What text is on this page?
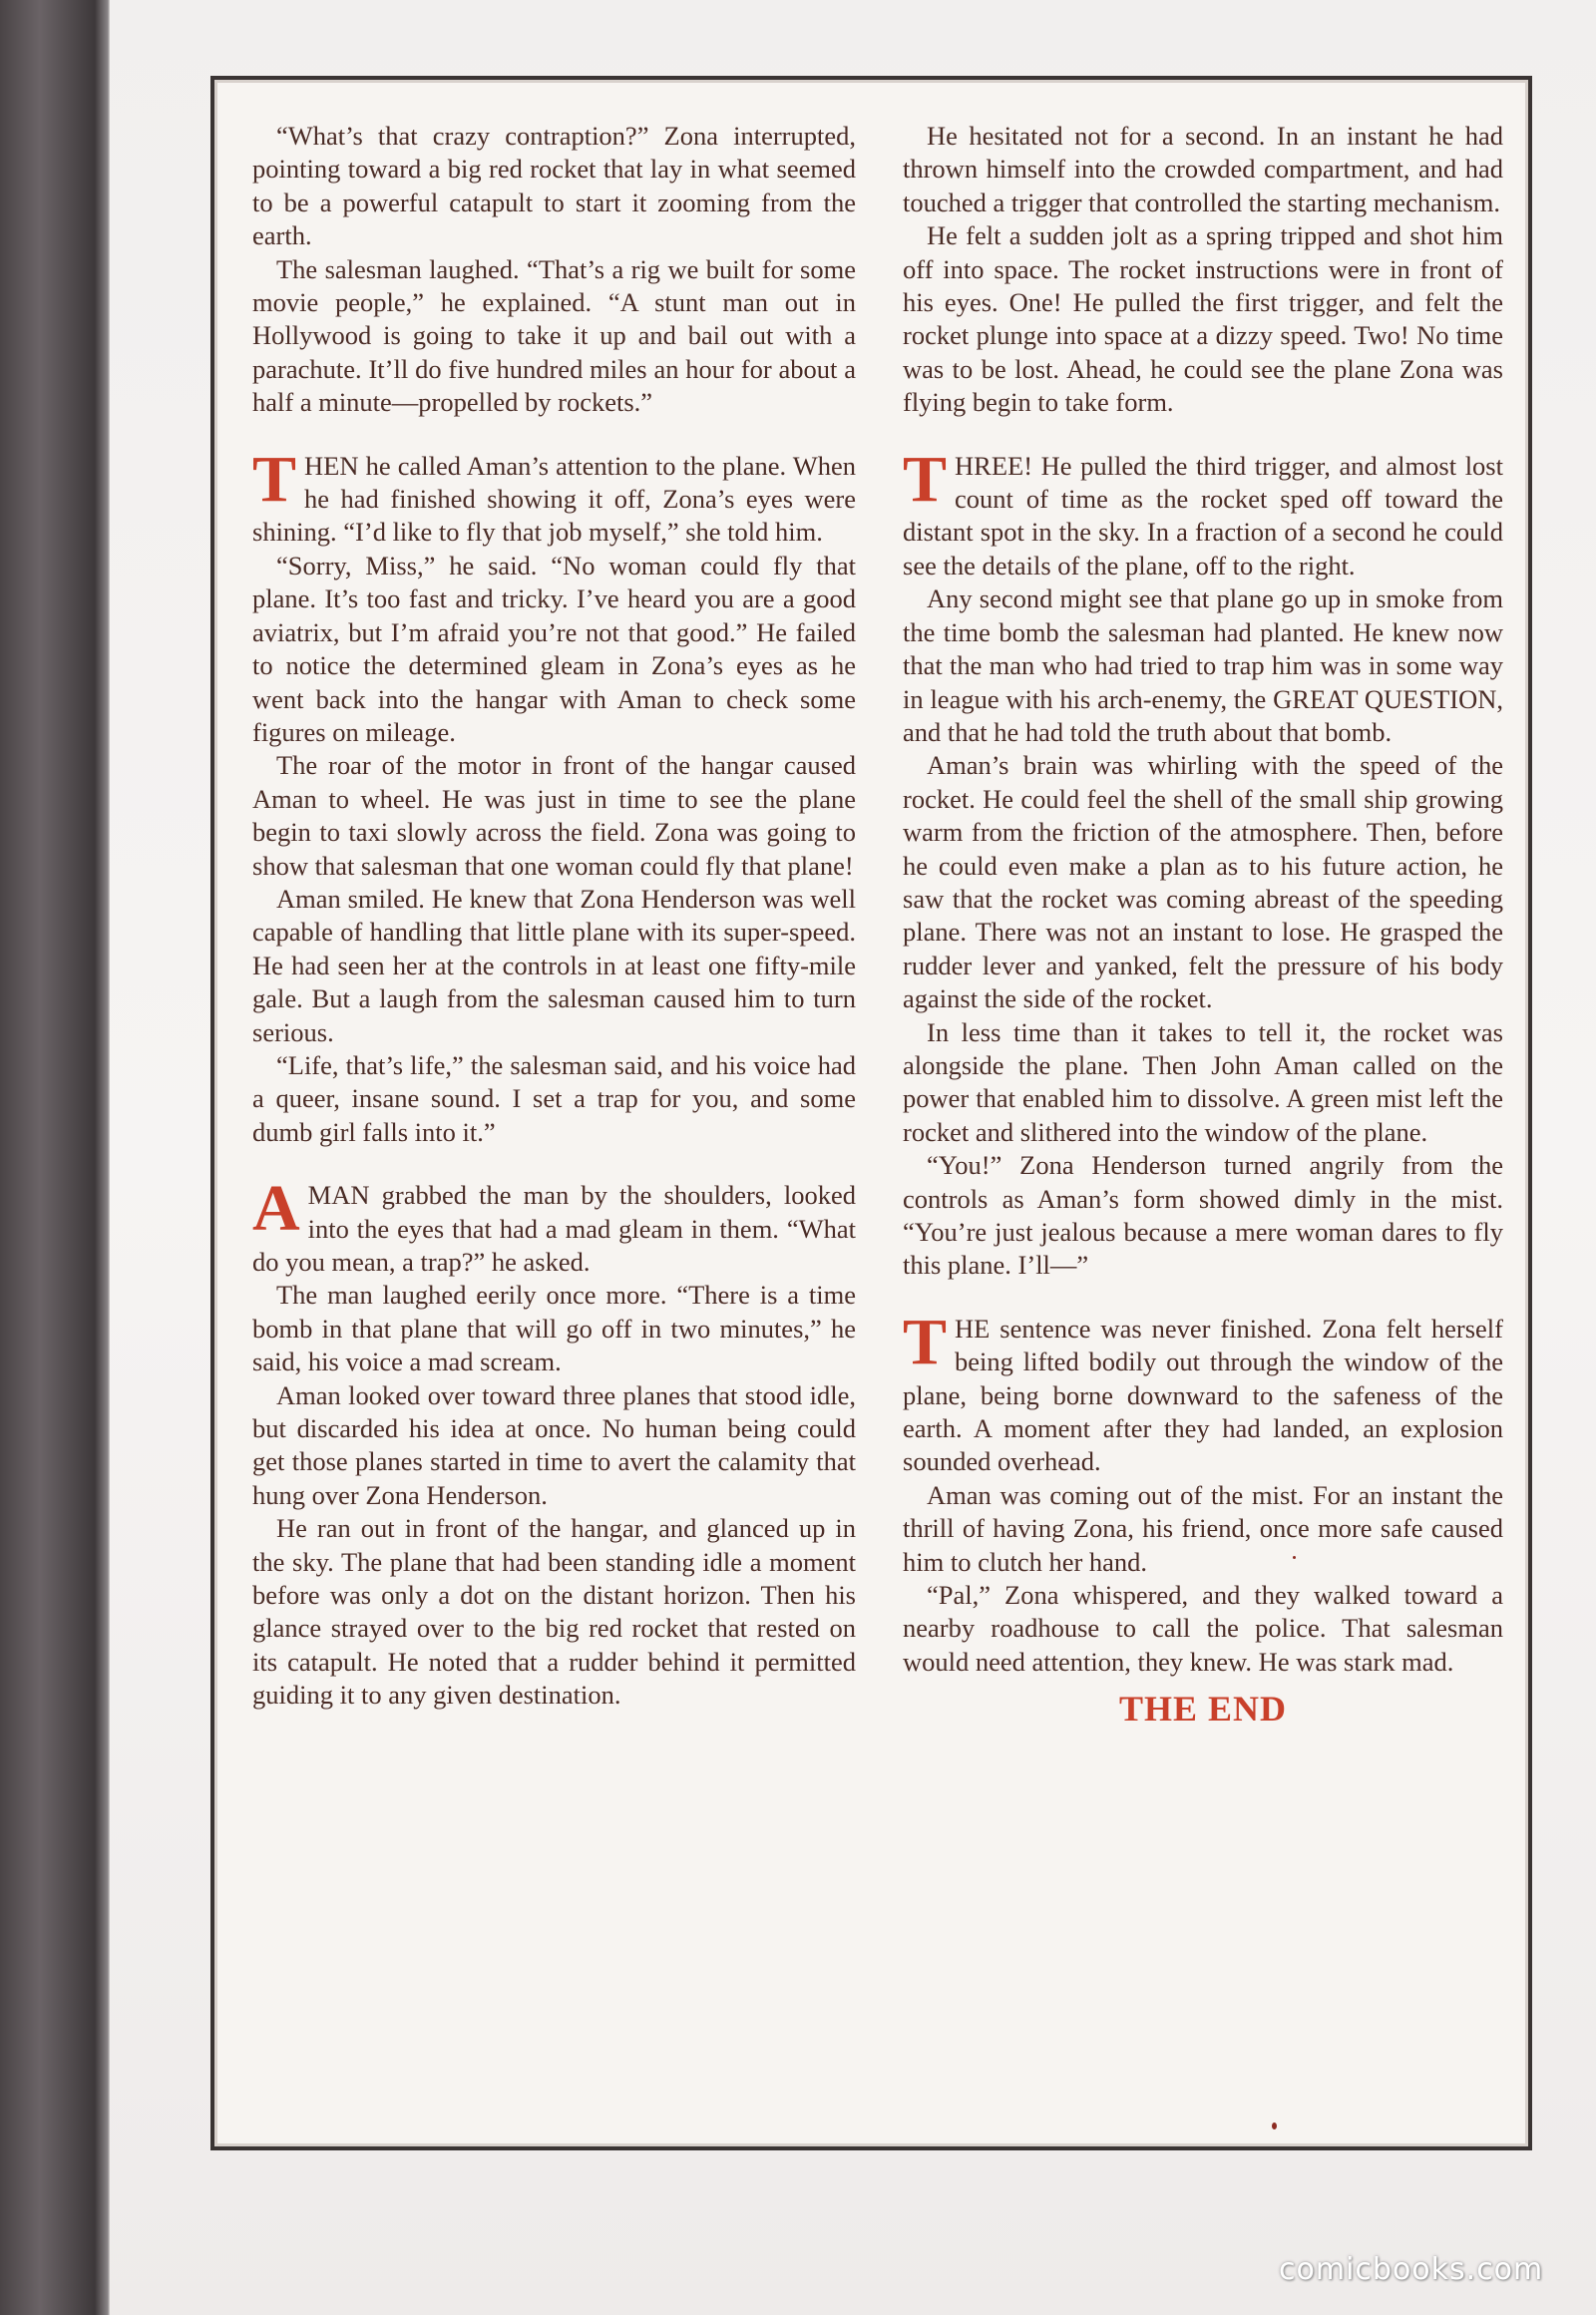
“What’s that crazy contraption?” Zona interrupted, pointing toward a big red rocket that lay in what seemed to be a powerful catapult to start it zooming from the earth.

The salesman laughed. “That’s a rig we built for some movie people,” he explained. “A stunt man out in Hollywood is going to take it up and bail out with a parachute. It’ll do five hundred miles an hour for about a half a minute—propelled by rockets.”

THEN he called Aman’s attention to the plane. When he had finished showing it off, Zona’s eyes were shining. “I’d like to fly that job myself,” she told him.

“Sorry, Miss,” he said. “No woman could fly that plane. It’s too fast and tricky. I’ve heard you are a good aviatrix, but I’m afraid you’re not that good.” He failed to notice the determined gleam in Zona’s eyes as he went back into the hangar with Aman to check some figures on mileage.

The roar of the motor in front of the hangar caused Aman to wheel. He was just in time to see the plane begin to taxi slowly across the field. Zona was going to show that salesman that one woman could fly that plane!

Aman smiled. He knew that Zona Henderson was well capable of handling that little plane with its super-speed. He had seen her at the controls in at least one fifty-mile gale. But a laugh from the salesman caused him to turn serious.

“Life, that’s life,” the salesman said, and his voice had a queer, insane sound. I set a trap for you, and some dumb girl falls into it.”

AMAN grabbed the man by the shoulders, looked into the eyes that had a mad gleam in them. “What do you mean, a trap?” he asked.

The man laughed eerily once more. “There is a time bomb in that plane that will go off in two minutes,” he said, his voice a mad scream.

Aman looked over toward three planes that stood idle, but discarded his idea at once. No human being could get those planes started in time to avert the calamity that hung over Zona Henderson.

He ran out in front of the hangar, and glanced up in the sky. The plane that had been standing idle a moment before was only a dot on the distant horizon. Then his glance strayed over to the big red rocket that rested on its catapult. He noted that a rudder behind it permitted guiding it to any given destination.

He hesitated not for a second. In an instant he had thrown himself into the crowded compartment, and had touched a trigger that controlled the starting mechanism.

He felt a sudden jolt as a spring tripped and shot him off into space. The rocket instructions were in front of his eyes. One! He pulled the first trigger, and felt the rocket plunge into space at a dizzy speed. Two! No time was to be lost. Ahead, he could see the plane Zona was flying begin to take form.

THREE! He pulled the third trigger, and almost lost count of time as the rocket sped off toward the distant spot in the sky. In a fraction of a second he could see the details of the plane, off to the right.

Any second might see that plane go up in smoke from the time bomb the salesman had planted. He knew now that the man who had tried to trap him was in some way in league with his arch-enemy, the GREAT QUESTION, and that he had told the truth about that bomb.

Aman’s brain was whirling with the speed of the rocket. He could feel the shell of the small ship growing warm from the friction of the atmosphere. Then, before he could even make a plan as to his future action, he saw that the rocket was coming abreast of the speeding plane. There was not an instant to lose. He grasped the rudder lever and yanked, felt the pressure of his body against the side of the rocket.

In less time than it takes to tell it, the rocket was alongside the plane. Then John Aman called on the power that enabled him to dissolve. A green mist left the rocket and slithered into the window of the plane.

“You!” Zona Henderson turned angrily from the controls as Aman’s form showed dimly in the mist. “You’re just jealous because a mere woman dares to fly this plane. I’ll—”

THE sentence was never finished. Zona felt herself being lifted bodily out through the window of the plane, being borne downward to the safeness of the earth. A moment after they had landed, an explosion sounded overhead.

Aman was coming out of the mist. For an instant the thrill of having Zona, his friend, once more safe caused him to clutch her hand.

“Pal,” Zona whispered, and they walked toward a nearby roadhouse to call the police. That salesman would need attention, they knew. He was stark mad.

THE END
comicbooks.com
